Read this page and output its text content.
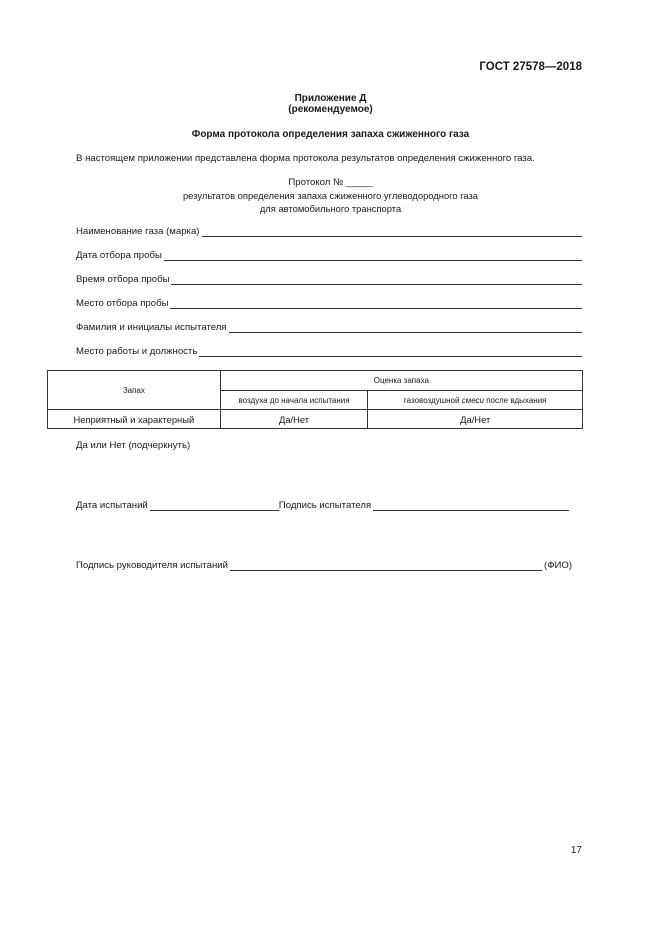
ГОСТ 27578—2018
Приложение Д
(рекомендуемое)
Форма протокола определения запаха сжиженного газа
В настоящем приложении представлена форма протокола результатов определения сжиженного газа.
Протокол № _____
результатов определения запаха сжиженного углеводородного газа
для автомобильного транспорта
Наименование газа (марка)
Дата отбора пробы
Время отбора пробы
Место отбора пробы
Фамилия и инициалы испытателя
Место работы и должность
Запах	Оценка запаха	
	воздуха до начала испытания	газовоздушной смеси после вдыхания
Неприятный и характерный	Да/Нет	Да/Нет
Да или Нет (подчеркнуть)
Дата испытаний	Подпись испытателя
Подпись руководителя испытаний	(ФИО)
17
